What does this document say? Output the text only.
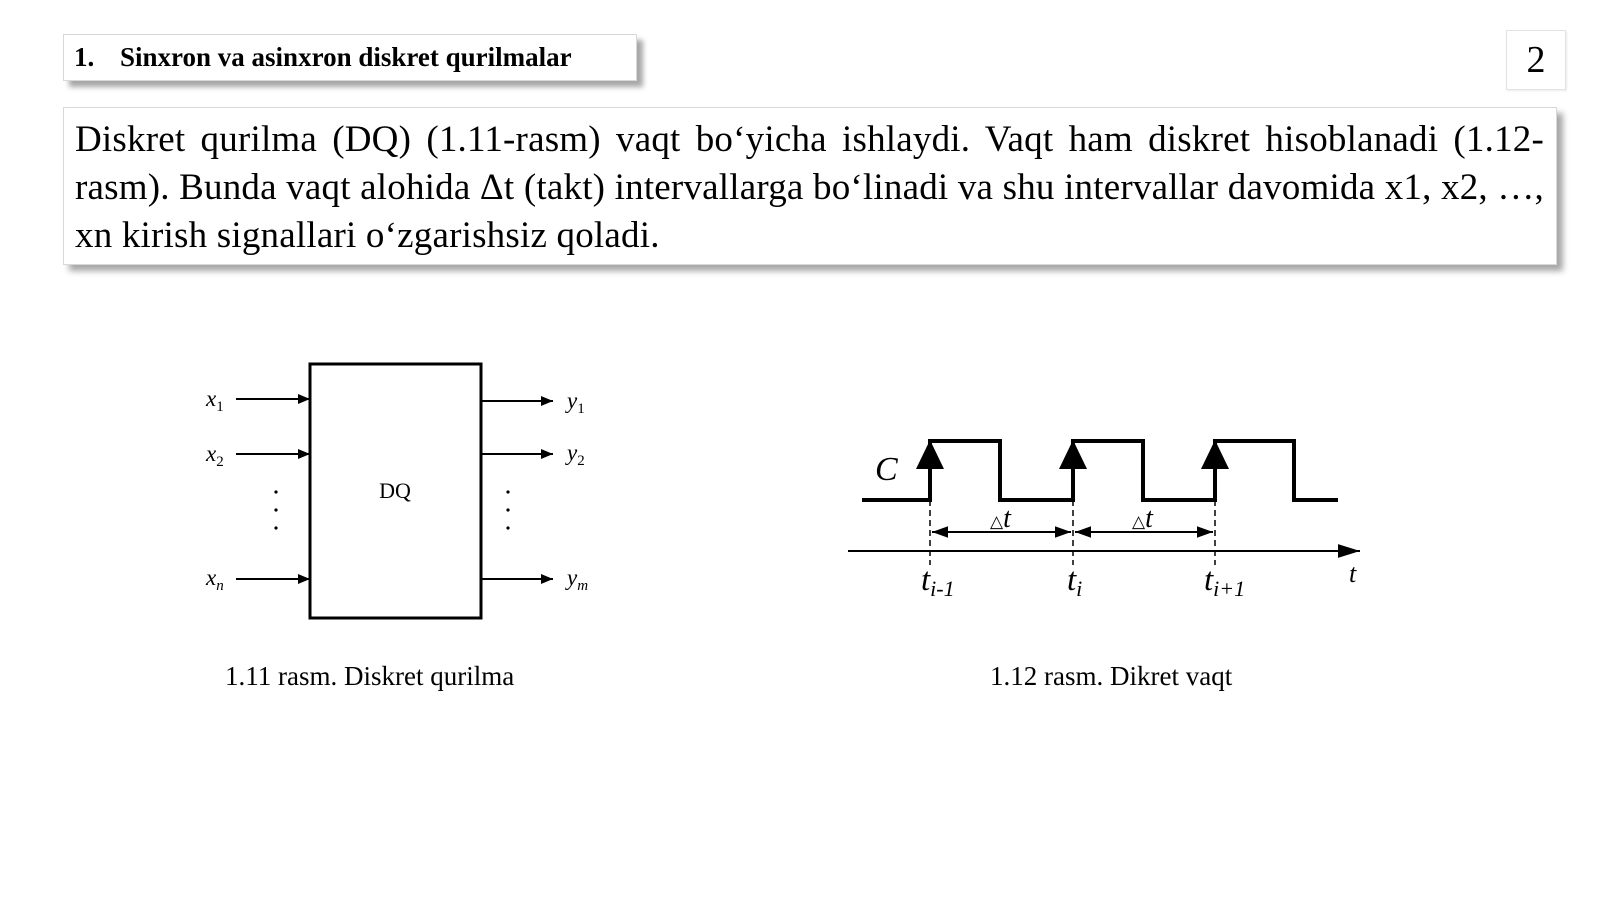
1. Sinxron va asinxron diskret qurilmalar	2

Diskret qurilma (DQ) (1.11-rasm) vaqt bo‘yicha ishlaydi. Vaqt ham diskret hisoblanadi (1.12-rasm). Bunda vaqt alohida Δt (takt) intervallarga bo‘linadi va shu intervallar davomida x1, x2, …, xn kirish signallari o‘zgarishsiz qoladi.

DQ
$x_1$
$x_2$
$x_n$
$y_1$
$y_2$
$y_m$
C
△t	△t
t
ti-1	ti	ti+1
1.11 rasm. Diskret qurilma	1.12 rasm. Dikret vaqt
